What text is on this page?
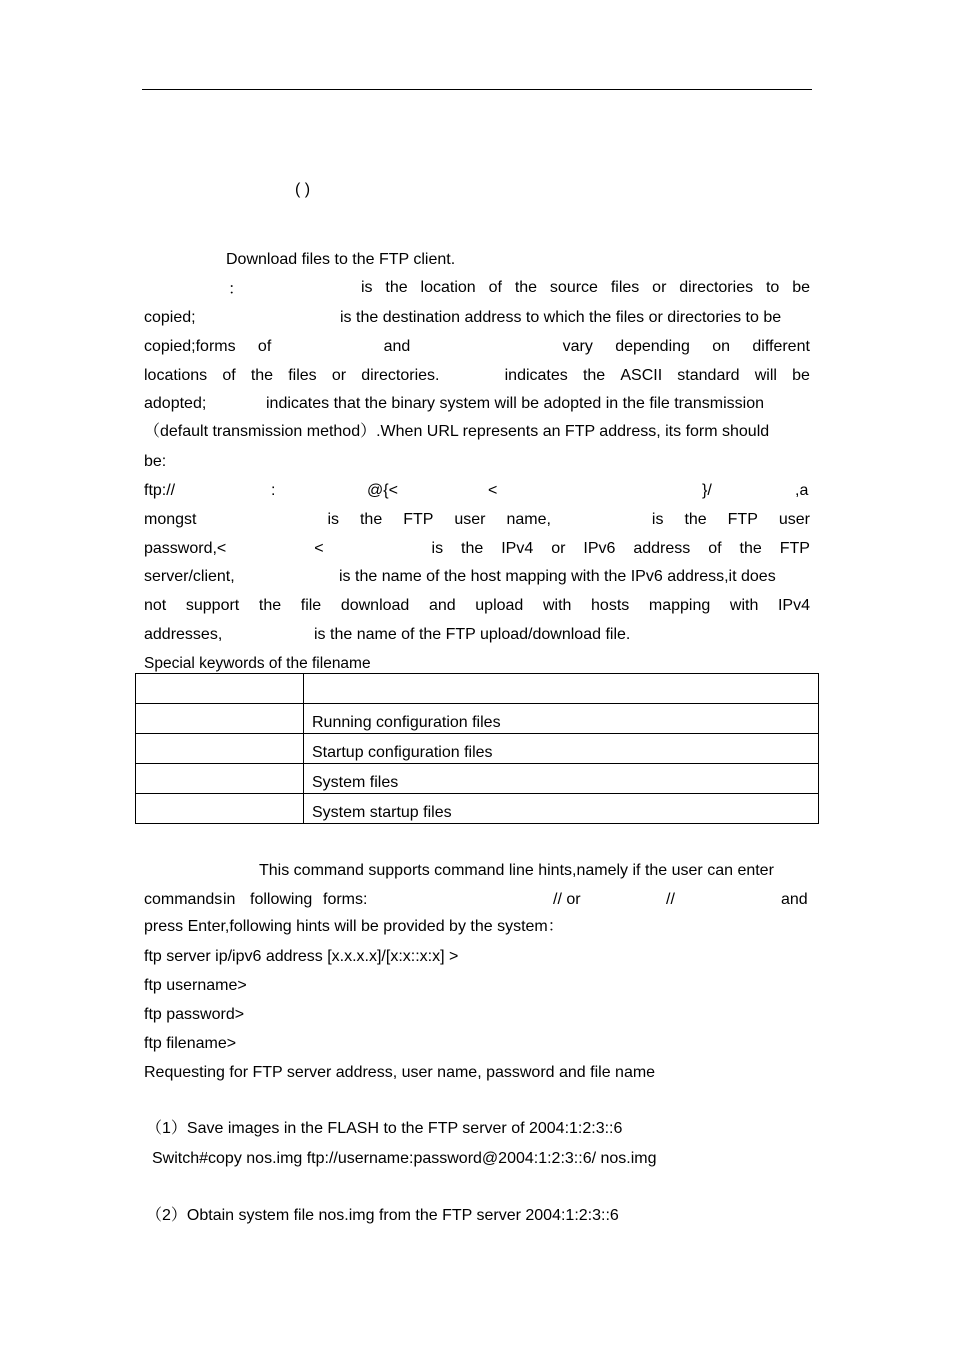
( )
Download files to the FTP client.
：	is the location of the source files or directories to be
copied;	is the destination address to which the files or directories to be
copied;forms of	and	vary depending on different
locations of the files or directories.	indicates the ASCII standard will be
adopted;	indicates that the binary system will be adopted in the file transmission
（default transmission method）.When URL represents an FTP address, its form should
be:
ftp://	:	@{<	<	}/	,a
mongst	is the FTP user name,	is the FTP user
password,<	<	is the IPv4 or IPv6 address of the FTP
server/client,	is the name of the host mapping with the IPv6 address,it does
not support the file download and upload with hosts mapping with IPv4
addresses,	is the name of the FTP upload/download file.
Special keywords of the filename

	Running configuration files
	Startup configuration files
	System files
	System startup files
This command supports command line hints,namely if the user can enter
commands in following forms:	// or	//	and
press Enter,following hints will be provided by the system：
ftp server ip/ipv6 address [x.x.x.x]/[x:x::x:x] >
ftp username>
ftp password>
ftp filename>
Requesting for FTP server address, user name, password and file name
（1）Save images in the FLASH to the FTP server of 2004:1:2:3::6
Switch#copy nos.img ftp://username:password@2004:1:2:3::6/ nos.img
（2）Obtain system file nos.img from the FTP server 2004:1:2:3::6
